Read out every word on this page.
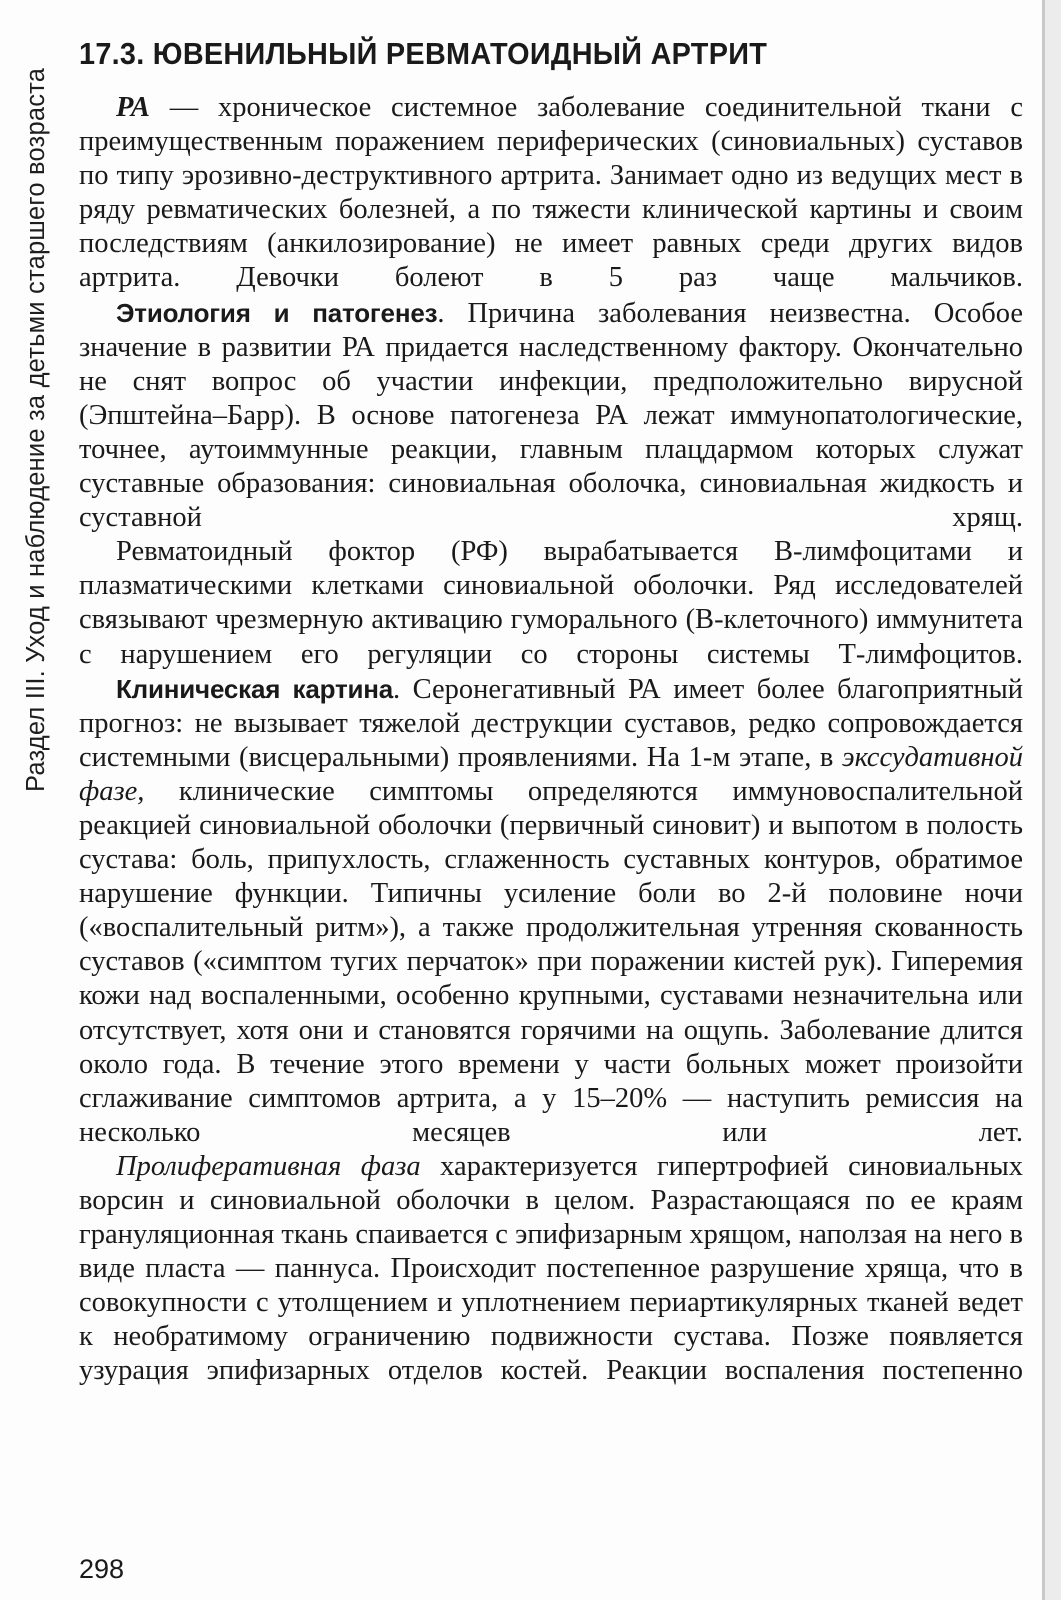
Раздел III. Уход и наблюдение за детьми старшего возраста
17.3. ЮВЕНИЛЬНЫЙ РЕВМАТОИДНЫЙ АРТРИТ

РА — хроническое системное заболевание соединительной ткани с преимущественным поражением периферических (синовиальных) суставов по типу эрозивно-деструктивного артрита. Занимает одно из ведущих мест в ряду ревматических болезней, а по тяжести клинической картины и своим последствиям (анкилозирование) не имеет равных среди других видов артрита. Девочки болеют в 5 раз чаще мальчиков.

Этиология и патогенез. Причина заболевания неизвестна. Особое значение в развитии РА придается наследственному фактору. Окончательно не снят вопрос об участии инфекции, предположительно вирусной (Эпштейна–Барр). В основе патогенеза РА лежат иммунопатологические, точнее, аутоиммунные реакции, главным плацдармом которых служат суставные образования: синовиальная оболочка, синовиальная жидкость и суставной хрящ.

Ревматоидный фоктор (РФ) вырабатывается В-лимфоцитами и плазматическими клетками синовиальной оболочки. Ряд исследователей связывают чрезмерную активацию гуморального (В-клеточного) иммунитета с нарушением его регуляции со стороны системы Т-лимфоцитов.

Клиническая картина. Серонегативный РА имеет более благоприятный прогноз: не вызывает тяжелой деструкции суставов, редко сопровождается системными (висцеральными) проявлениями. На 1-м этапе, в экссудативной фазе, клинические симптомы определяются иммуновоспалительной реакцией синовиальной оболочки (первичный синовит) и выпотом в полость сустава: боль, припухлость, сглаженность суставных контуров, обратимое нарушение функции. Типичны усиление боли во 2-й половине ночи («воспалительный ритм»), а также продолжительная утренняя скованность суставов («симптом тугих перчаток» при поражении кистей рук). Гиперемия кожи над воспаленными, особенно крупными, суставами незначительна или отсутствует, хотя они и становятся горячими на ощупь. Заболевание длится около года. В течение этого времени у части больных может произойти сглаживание симптомов артрита, а у 15–20% — наступить ремиссия на несколько месяцев или лет.

Пролиферативная фаза характеризуется гипертрофией синовиальных ворсин и синовиальной оболочки в целом. Разрастающаяся по ее краям грануляционная ткань спаивается с эпифизарным хрящом, наползая на него в виде пласта — паннуса. Происходит постепенное разрушение хряща, что в совокупности с утолщением и уплотнением периартикулярных тканей ведет к необратимому ограничению подвижности сустава. Позже появляется узурация эпифизарных отделов костей. Реакции воспаления постепенно

298
